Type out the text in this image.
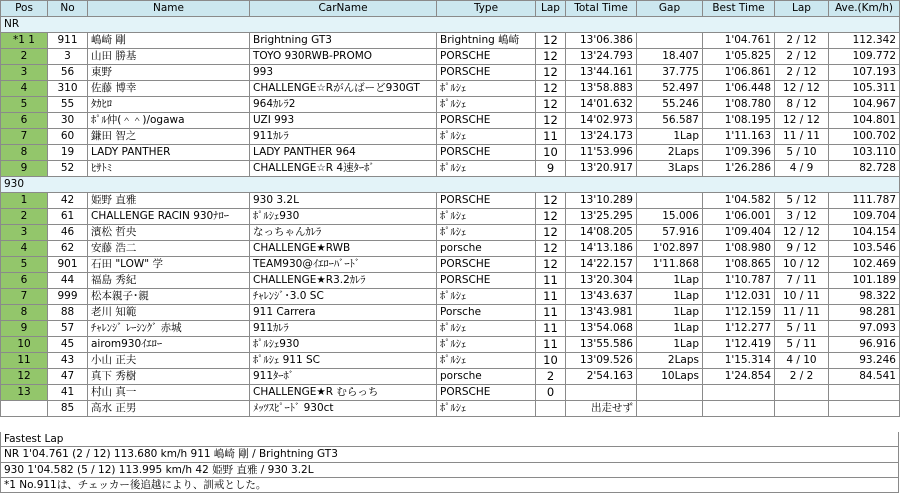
Pos	No	Name	CarName	Type	Lap	Total Time	Gap	Best Time	Lap	Ave.(Km/h)
NR										
*1 1	911	嶋崎 剛	Brightning GT3	Brightning 嶋崎	12	13'06.386		1'04.761	2 / 12	112.342
2	3	山田 勝基	TOYO 930RWB-PROMO	PORSCHE	12	13'24.793	18.407	1'05.825	2 / 12	109.772
3	56	東野	993	PORSCHE	12	13'44.161	37.775	1'06.861	2 / 12	107.193
4	310	佐藤 博幸	CHALLENGE☆Rがんばーど930GT	ﾎﾟﾙｼｪ	12	13'58.883	52.497	1'06.448	12 / 12	105.311
5	55	ﾀｶﾋﾛ	964ｶﾚﾗ2	ﾎﾟﾙｼｪ	12	14'01.632	55.246	1'08.780	8 / 12	104.967
6	30	ﾎﾟﾙ仲(＾＾)/ogawa	UZI 993	PORSCHE	12	14'02.973	56.587	1'08.195	12 / 12	104.801
7	60	鎌田 智之	911ｶﾚﾗ	ﾎﾟﾙｼｪ	11	13'24.173	1Lap	1'11.163	11 / 11	100.702
8	19	LADY PANTHER	LADY PANTHER 964	PORSCHE	10	11'53.996	2Laps	1'09.396	5 / 10	103.110
9	52	ﾋｻﾄﾐ	CHALLENGE☆R 4速ﾀｰﾎﾞ	ﾎﾟﾙｼｪ	9	13'20.917	3Laps	1'26.286	4 / 9	82.728
930										
1	42	姫野 直雅	930 3.2L	PORSCHE	12	13'10.289		1'04.582	5 / 12	111.787
2	61	CHALLENGE RACIN 930ﾅﾛｰ	ﾎﾟﾙｼｪ930	ﾎﾟﾙｼｪ	12	13'25.295	15.006	1'06.001	3 / 12	109.704
3	46	濱松 哲央	なっちゃんｶﾚﾗ	ﾎﾟﾙｼｪ	12	14'08.205	57.916	1'09.404	12 / 12	104.154
4	62	安藤 浩二	CHALLENGE★RWB	porsche	12	14'13.186	1'02.897	1'08.980	9 / 12	103.546
5	901	石田 "LOW" 学	TEAM930@ｲｴﾛｰﾊﾞｰﾄﾞ	PORSCHE	12	14'22.157	1'11.868	1'08.865	10 / 12	102.469
6	44	福島 秀紀	CHALLENGE★R3.2ｶﾚﾗ	PORSCHE	11	13'20.304	1Lap	1'10.787	7 / 11	101.189
7	999	松本親子･親	ﾁｬﾚﾝｼﾞ･3.0 SC	ﾎﾟﾙｼｪ	11	13'43.637	1Lap	1'12.031	10 / 11	98.322
8	88	老川 知範	911 Carrera	Porsche	11	13'43.981	1Lap	1'12.159	11 / 11	98.281
9	57	ﾁｬﾚﾝｼﾞ ﾚｰｼﾝｸﾞ 赤城	911ｶﾚﾗ	ﾎﾟﾙｼｪ	11	13'54.068	1Lap	1'12.277	5 / 11	97.093
10	45	airom930ｲｴﾛｰ	ﾎﾟﾙｼｪ930	ﾎﾟﾙｼｪ	11	13'55.586	1Lap	1'12.419	5 / 11	96.916
11	43	小山 正夫	ﾎﾟﾙｼｪ 911 SC	ﾎﾟﾙｼｪ	10	13'09.526	2Laps	1'15.314	4 / 10	93.246
12	47	真下 秀樹	911ﾀｰﾎﾞ	porsche	2	2'54.163	10Laps	1'24.854	2 / 2	84.541
13	41	村山 真一	CHALLENGE★R むらっち	PORSCHE	0					
	85	高水 正男	ﾒｯﾂｽﾋﾟｰﾄﾞ 930ct	ﾎﾟﾙｼｪ		出走せず				
Fastest Lap
NR 1'04.761 (2 / 12) 113.680 km/h 911 嶋崎 剛 / Brightning GT3
930 1'04.582 (5 / 12) 113.995 km/h 42 姫野 直雅 / 930 3.2L
*1 No.911は、チェッカー後追越により、訓戒とした。
